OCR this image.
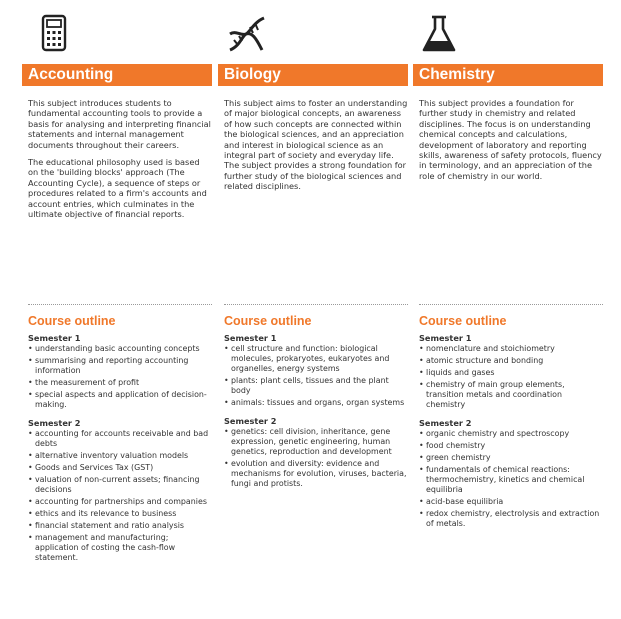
Accounting

This subject introduces students to fundamental accounting tools to provide a basis for analysing and interpreting financial statements and internal management documents throughout their careers.

The educational philosophy used is based on the 'building blocks' approach (The Accounting Cycle), a sequence of steps or procedures related to a firm's accounts and account entries, which culminates in the ultimate objective of financial reports.

Course outline
Semester 1
• understanding basic accounting concepts
• summarising and reporting accounting information
• the measurement of profit
• special aspects and application of decision-making.
Semester 2
• accounting for accounts receivable and bad debts
• alternative inventory valuation models
• Goods and Services Tax (GST)
• valuation of non-current assets; financing decisions
• accounting for partnerships and companies
• ethics and its relevance to business
• financial statement and ratio analysis
• management and manufacturing; application of costing the cash-flow statement.
Biology

This subject aims to foster an understanding of major biological concepts, an awareness of how such concepts are connected within the biological sciences, and an appreciation and interest in biological science as an integral part of society and everyday life. The subject provides a strong foundation for further study of the biological sciences and related disciplines.

Course outline
Semester 1
• cell structure and function: biological molecules, prokaryotes, eukaryotes and organelles, energy systems
• plants: plant cells, tissues and the plant body
• animals: tissues and organs, organ systems
Semester 2
• genetics: cell division, inheritance, gene expression, genetic engineering, human genetics, reproduction and development
• evolution and diversity: evidence and mechanisms for evolution, viruses, bacteria, fungi and protists.
Chemistry

This subject provides a foundation for further study in chemistry and related disciplines. The focus is on understanding chemical concepts and calculations, development of laboratory and reporting skills, awareness of safety protocols, fluency in terminology, and an appreciation of the role of chemistry in our world.

Course outline
Semester 1
• nomenclature and stoichiometry
• atomic structure and bonding
• liquids and gases
• chemistry of main group elements, transition metals and coordination chemistry
Semester 2
• organic chemistry and spectroscopy
• food chemistry
• green chemistry
• fundamentals of chemical reactions: thermochemistry, kinetics and chemical equilibria
• acid-base equilibria
• redox chemistry, electrolysis and extraction of metals.
